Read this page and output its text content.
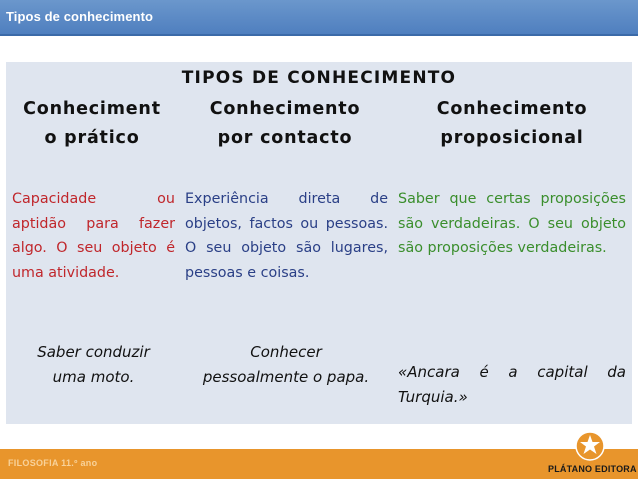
Tipos de conhecimento
TIPOS DE CONHECIMENTO
Conheciment
o prático
Conhecimento
por contacto
Conhecimento
proposicional

Capacidade ou aptidão para fazer algo. O seu objeto é uma atividade.

Experiência direta de objetos, factos ou pessoas. O seu objeto são lugares, pessoas e coisas.

Saber que certas proposições são verdadeiras. O seu objeto são proposições verdadeiras.

Saber conduzir
uma moto.
Conhecer
pessoalmente o papa.	«Ancara é a capital da Turquia.»
FILOSOFIA 11.º ano
PLÁTANO EDITORA
